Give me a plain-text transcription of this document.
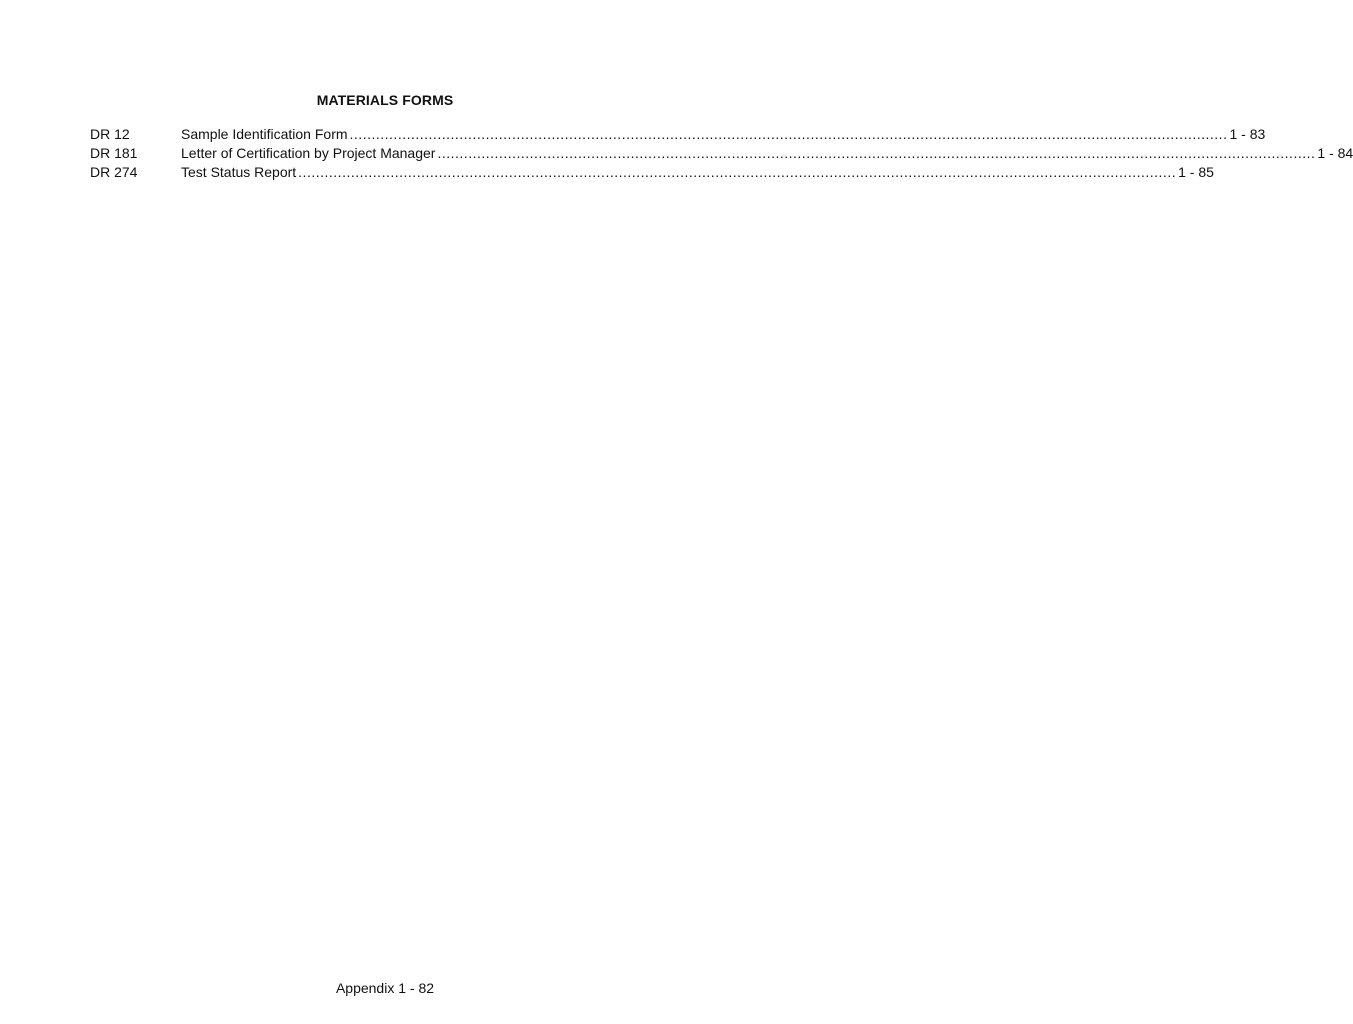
MATERIALS FORMS
DR 12	Sample Identification Form ........................................................................................................................................................................................................ 1 - 83
DR 181	Letter of Certification by Project Manager ........................................................................................................................................................................................................ 1 - 84
DR 274	Test Status Report ........................................................................................................................................................................................................ 1 - 85
Appendix 1 - 82
